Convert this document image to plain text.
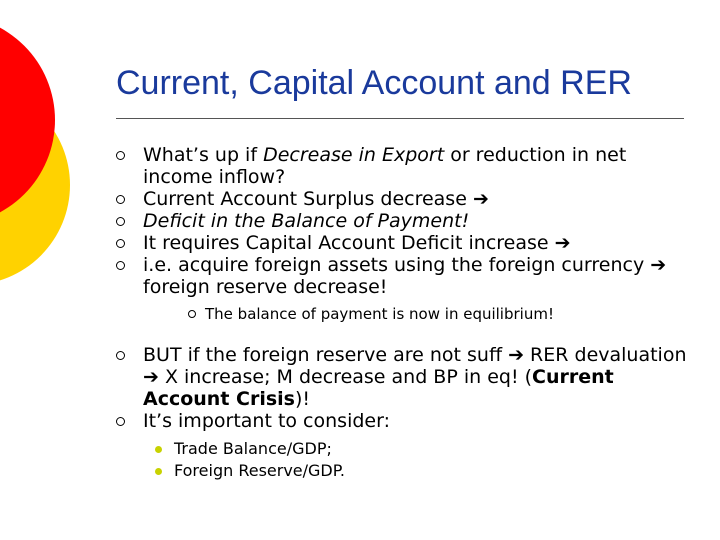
Current, Capital Account and RER
What’s up if Decrease in Export or reduction in net income inflow?
Current Account Surplus decrease ➔
Deficit in the Balance of Payment!
It requires Capital Account Deficit increase ➔
i.e. acquire foreign assets using the foreign currency ➔ foreign reserve decrease!
The balance of payment is now in equilibrium!
BUT if the foreign reserve are not suff ➔ RER devaluation ➔ X increase; M decrease and BP in eq! (Current Account Crisis)!
It’s important to consider:
Trade Balance/GDP;
Foreign Reserve/GDP.
